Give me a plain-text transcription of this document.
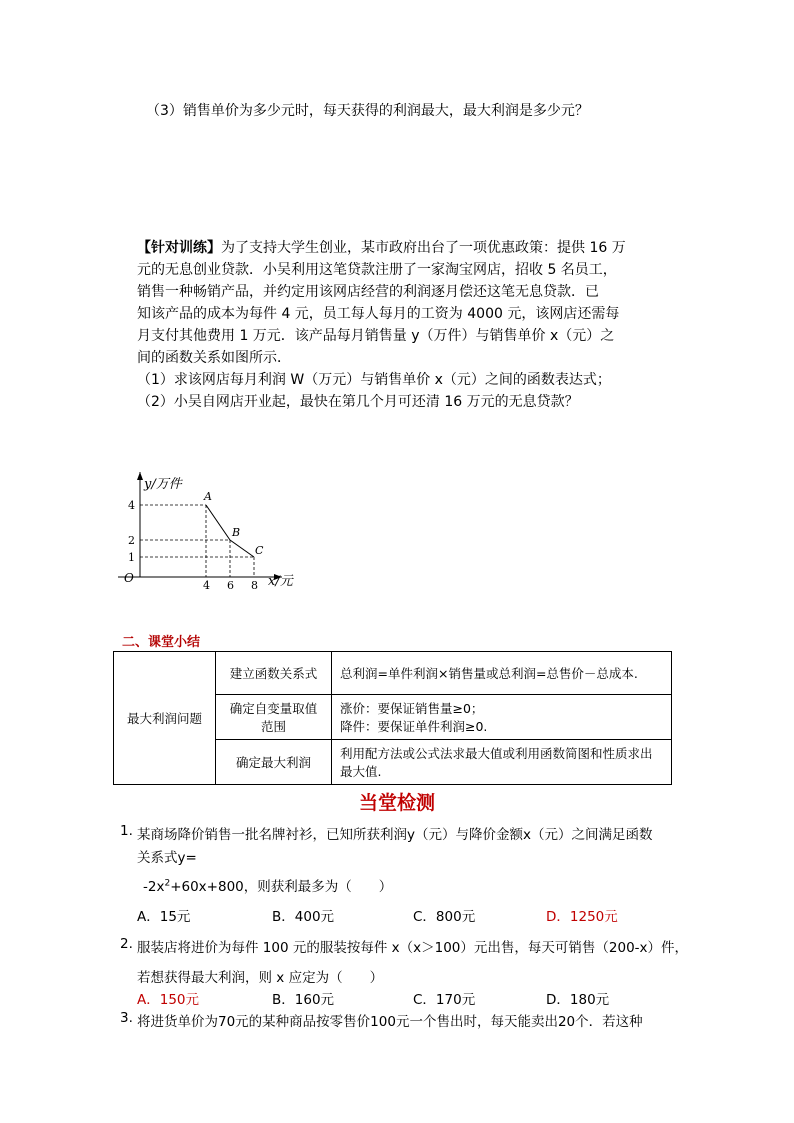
（3）销售单价为多少元时，每天获得的利润最大，最大利润是多少元？

【针对训练】为了支持大学生创业，某市政府出台了一项优惠政策：提供 16 万

元的无息创业贷款．小吴利用这笔贷款注册了一家淘宝网店，招收 5 名员工，

销售一种畅销产品，并约定用该网店经营的利润逐月偿还这笔无息贷款．已

知该产品的成本为每件 4 元，员工每人每月的工资为 4000 元，该网店还需每

月支付其他费用 1 万元．该产品每月销售量 y（万件）与销售单价 x（元）之

间的函数关系如图所示．

（1）求该网店每月利润 W（万元）与销售单价 x（元）之间的函数表达式；

（2）小吴自网店开业起，最快在第几个月可还清 16 万元的无息贷款？

y/万件
x/元
O
4
2
1
4 6 8
A
B
C
二、课堂小结
最大利润问题	建立函数关系式	总利润=单件利润×销售量或总利润=总售价－总成本.
	确定自变量取值范围	涨价：要保证销售量≥0；
降件：要保证单件利润≥0.

	确定最大利润	利用配方法或公式法求最大值或利用函数简图和性质求出最大值.
当堂检测
1. 某商场降价销售一批名牌衬衫，已知所获利润y（元）与降价金额x（元）之间满足函数
关系式y=
$-2x^2+60x+800$，则获利最多为（　　）
A．15元	B．400元	C．800元	D．1250元
2. 服装店将进价为每件 100 元的服装按每件 x（x＞100）元出售，每天可销售（200-x）件，
若想获得最大利润，则 x 应定为（　　）
A．150元	B．160元	C．170元	D．180元
3. 将进货单价为70元的某种商品按零售价100元一个售出时，每天能卖出20个．若这种
